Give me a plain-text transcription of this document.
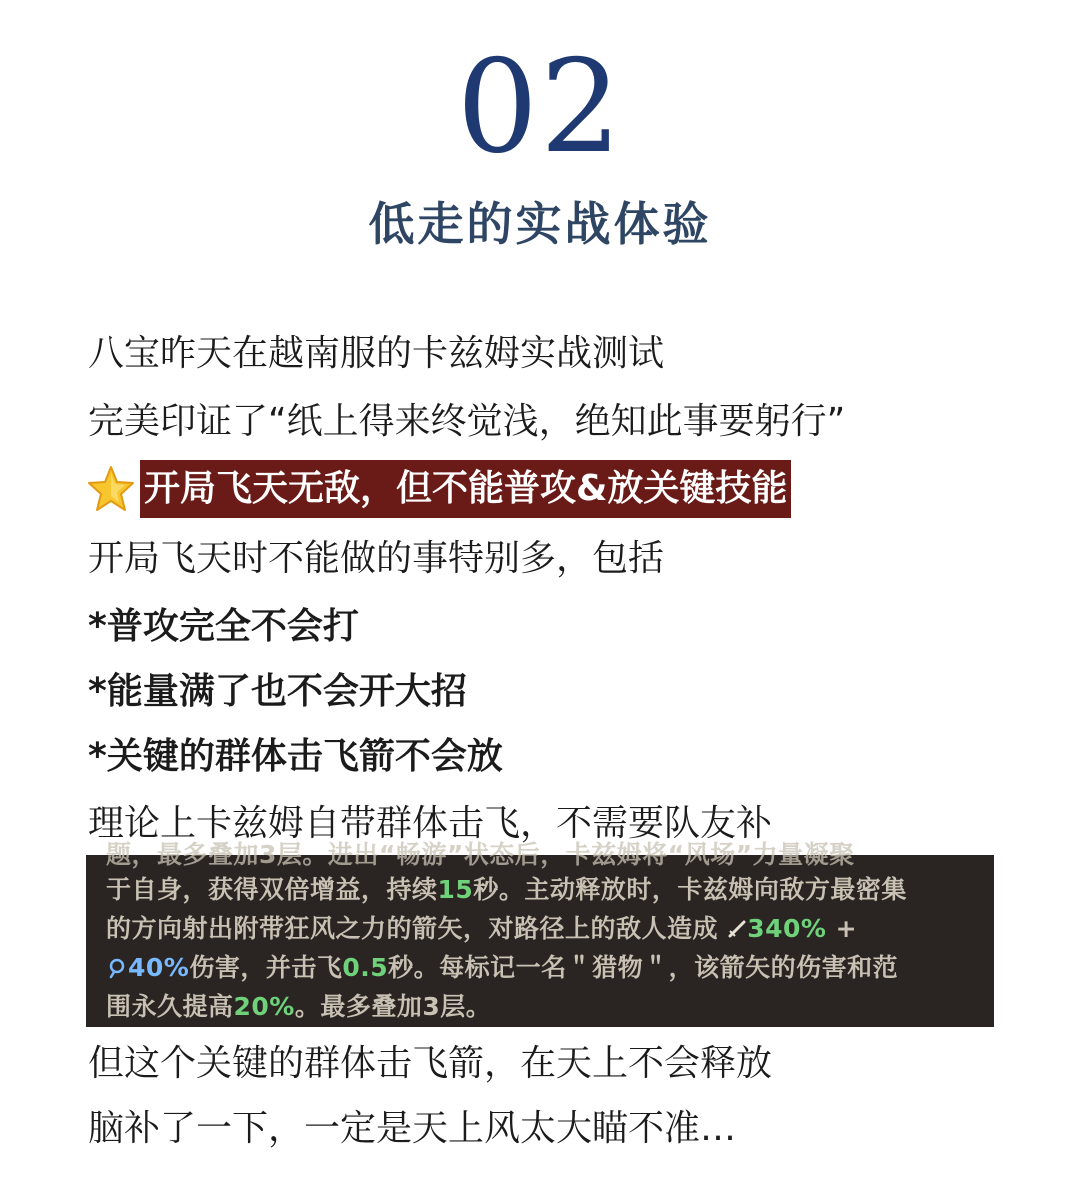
02
低走的实战体验
八宝昨天在越南服的卡兹姆实战测试
完美印证了“纸上得来终觉浅，绝知此事要躬行”
开局飞天无敌，但不能普攻&放关键技能
开局飞天时不能做的事特别多，包括
*普攻完全不会打
*能量满了也不会开大招
*关键的群体击飞箭不会放
理论上卡兹姆自带群体击飞，不需要队友补
题，最多叠加3层。进出“畅游”状态后，卡兹姆将“风场”力量凝聚
于自身，获得双倍增益，持续15秒。主动释放时，卡兹姆向敌方最密集
的方向射出附带狂风之力的箭矢，对路径上的敌人造成 340% +
40%伤害，并击飞0.5秒。每标记一名＂猎物＂，该箭矢的伤害和范
围永久提高20%。最多叠加3层。
但这个关键的群体击飞箭，在天上不会释放
脑补了一下，一定是天上风太大瞄不准…
